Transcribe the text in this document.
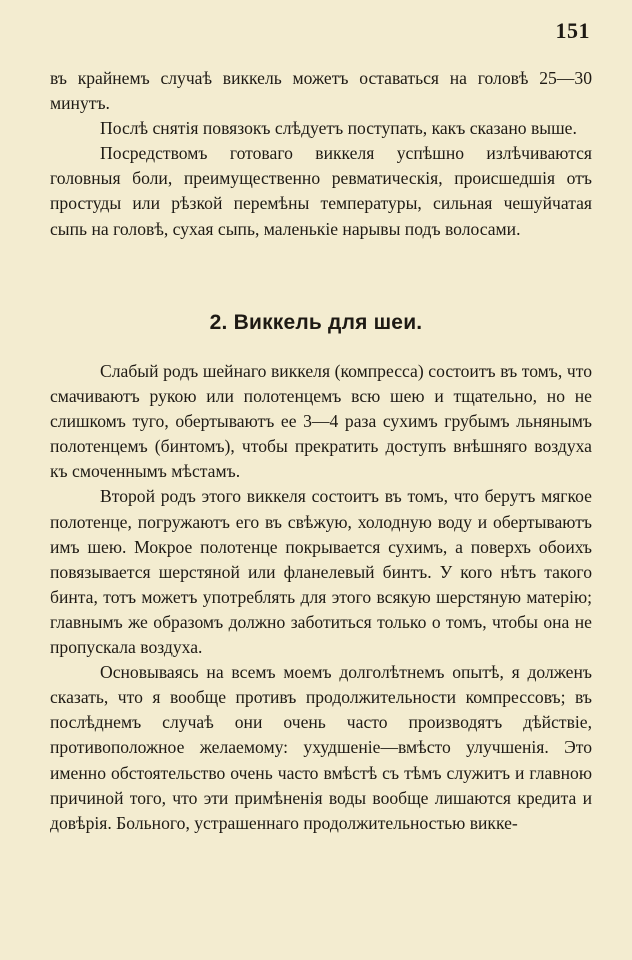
151

въ крайнемъ случаѣ виккель можетъ оставаться на головѣ 25—30 минутъ.

Послѣ снятія повязокъ слѣдуетъ поступать, какъ сказано выше.

Посредствомъ готоваго виккеля успѣшно излѣчиваются головныя боли, преимущественно ревматическія, происшедшія отъ простуды или рѣзкой перемѣны температуры, сильная чешуйчатая сыпь на головѣ, сухая сыпь, маленькіе нарывы подъ волосами.

2. Виккель для шеи.

Слабый родъ шейнаго виккеля (компресса) состоитъ въ томъ, что смачиваютъ рукою или полотенцемъ всю шею и тщательно, но не слишкомъ туго, обертываютъ ее 3—4 раза сухимъ грубымъ льнянымъ полотенцемъ (бинтомъ), чтобы прекратить доступъ внѣшняго воздуха къ смоченнымъ мѣстамъ.

Второй родъ этого виккеля состоитъ въ томъ, что берутъ мягкое полотенце, погружаютъ его въ свѣжую, холодную воду и обертываютъ имъ шею. Мокрое полотенце покрывается сухимъ, а поверхъ обоихъ повязывается шерстяной или фланелевый бинтъ. У кого нѣтъ такого бинта, тотъ можетъ употреблять для этого всякую шерстяную матерію; главнымъ же образомъ должно заботиться только о томъ, чтобы она не пропускала воздуха.

Основываясь на всемъ моемъ долголѣтнемъ опытѣ, я долженъ сказать, что я вообще противъ продолжительности компрессовъ; въ послѣднемъ случаѣ они очень часто производятъ дѣйствіе, противоположное желаемому: ухудшеніе—вмѣсто улучшенія. Это именно обстоятельство очень часто вмѣстѣ съ тѣмъ служитъ и главною причиной того, что эти примѣненія воды вообще лишаются кредита и довѣрія. Больного, устрашеннаго продолжительностью викке-
